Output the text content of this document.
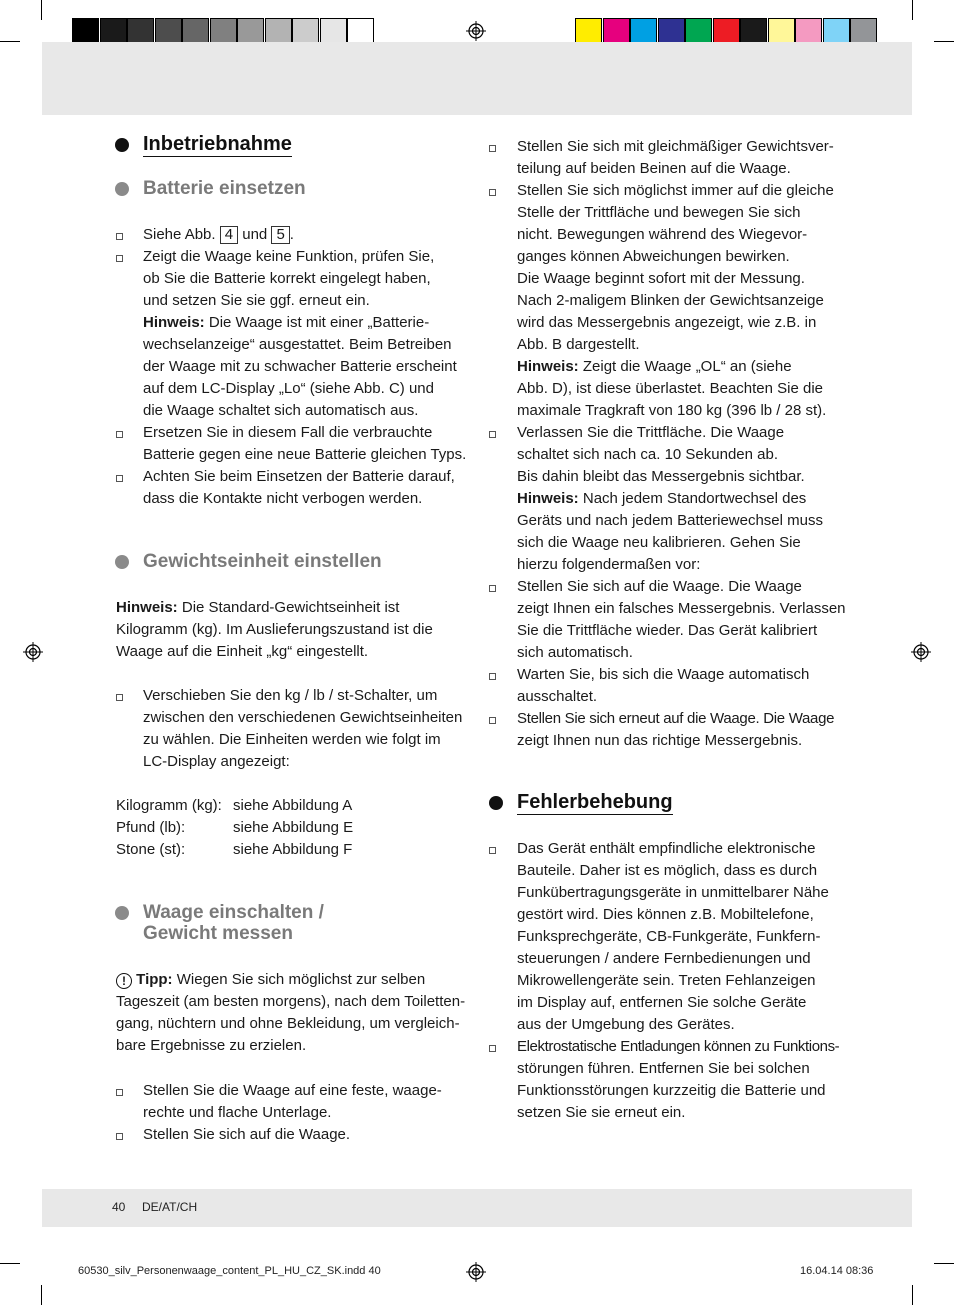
Inbetriebnahme
Batterie einsetzen
Siehe Abb. 4 und 5 .
Zeigt die Waage keine Funktion, prüfen Sie,
ob Sie die Batterie korrekt eingelegt haben,
und setzen Sie sie ggf. erneut ein.
Hinweis: Die Waage ist mit einer „Batterie-
wechselanzeige“ ausgestattet. Beim Betreiben
der Waage mit zu schwacher Batterie erscheint
auf dem LC-Display „Lo“ (siehe Abb. C) und
die Waage schaltet sich automatisch aus.
Ersetzen Sie in diesem Fall die verbrauchte
Batterie gegen eine neue Batterie gleichen Typs.
Achten Sie beim Einsetzen der Batterie darauf,
dass die Kontakte nicht verbogen werden.
Gewichtseinheit einstellen
Hinweis: Die Standard-Gewichtseinheit ist
Kilogramm (kg). Im Auslieferungszustand ist die
Waage auf die Einheit „kg“ eingestellt.
Verschieben Sie den kg / lb / st-Schalter, um
zwischen den verschiedenen Gewichtseinheiten
zu wählen. Die Einheiten werden wie folgt im
LC-Display angezeigt:
Kilogramm (kg): siehe Abbildung A
Pfund (lb):	siehe Abbildung E
Stone (st):	siehe Abbildung F
Waage einschalten /
Gewicht messen
! Tipp: Wiegen Sie sich möglichst zur selben
Tageszeit (am besten morgens), nach dem Toiletten-
gang, nüchtern und ohne Bekleidung, um vergleich-
bare Ergebnisse zu erzielen.
Stellen Sie die Waage auf eine feste, waage-
rechte und flache Unterlage.
Stellen Sie sich auf die Waage.
Stellen Sie sich mit gleichmäßiger Gewichtsver-
teilung auf beiden Beinen auf die Waage.
Stellen Sie sich möglichst immer auf die gleiche
Stelle der Trittfläche und bewegen Sie sich
nicht. Bewegungen während des Wiegevor-
ganges können Abweichungen bewirken.
Die Waage beginnt sofort mit der Messung.
Nach 2-maligem Blinken der Gewichtsanzeige
wird das Messergebnis angezeigt, wie z.B. in
Abb. B dargestellt.
Hinweis: Zeigt die Waage „OL“ an (siehe
Abb. D), ist diese überlastet. Beachten Sie die
maximale Tragkraft von 180 kg (396 lb / 28 st).
Verlassen Sie die Trittfläche. Die Waage
schaltet sich nach ca. 10 Sekunden ab.
Bis dahin bleibt das Messergebnis sichtbar.
Hinweis: Nach jedem Standortwechsel des
Geräts und nach jedem Batteriewechsel muss
sich die Waage neu kalibrieren. Gehen Sie
hierzu folgendermaßen vor:
Stellen Sie sich auf die Waage. Die Waage
zeigt Ihnen ein falsches Messergebnis. Verlassen
Sie die Trittfläche wieder. Das Gerät kalibriert
sich automatisch.
Warten Sie, bis sich die Waage automatisch
ausschaltet.
Stellen Sie sich erneut auf die Waage. Die Waage
zeigt Ihnen nun das richtige Messergebnis.
Fehlerbehebung
Das Gerät enthält empfindliche elektronische
Bauteile. Daher ist es möglich, dass es durch
Funkübertragungsgeräte in unmittelbarer Nähe
gestört wird. Dies können z.B. Mobiltelefone,
Funksprechgeräte, CB-Funkgeräte, Funkfern-
steuerungen / andere Fernbedienungen und
Mikrowellengeräte sein. Treten Fehlanzeigen
im Display auf, entfernen Sie solche Geräte
aus der Umgebung des Gerätes.
Elektrostatische Entladungen können zu Funktions-
störungen führen. Entfernen Sie bei solchen
Funktionsstörungen kurzzeitig die Batterie und
setzen Sie sie erneut ein.
40 DE/AT/CH
60530_silv_Personenwaage_content_PL_HU_CZ_SK.indd 40	16.04.14 08:36
